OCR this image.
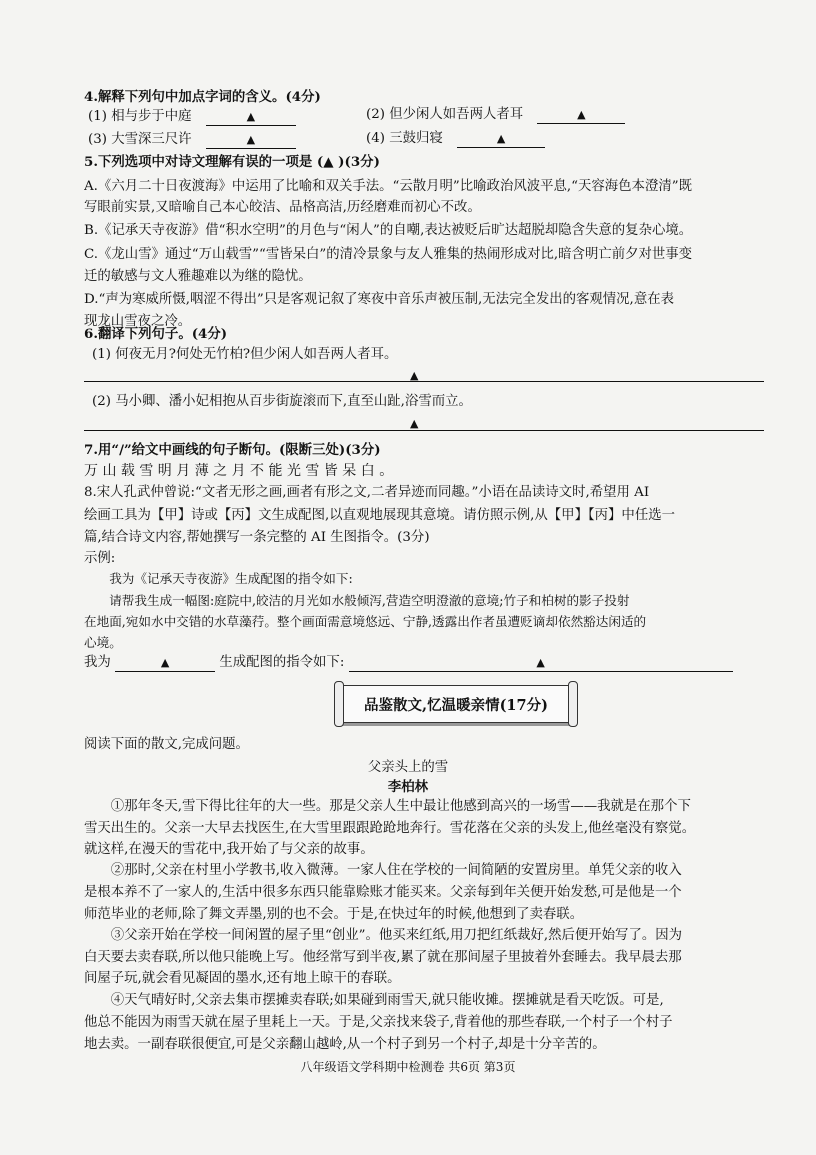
4.解释下列句中加点字词的含义。(4分)
(1) 相与步于中庭	▲	(2) 但少闲人如吾两人者耳	▲
(3) 大雪深三尺许	▲	(4) 三鼓归寝	▲
5.下列选项中对诗文理解有误的一项是 (▲ )(3分)
A.《六月二十日夜渡海》中运用了比喻和双关手法。“云散月明”比喻政治风波平息,“天容海色本澄清”既
写眼前实景,又暗喻自己本心皎洁、品格高洁,历经磨难而初心不改。
B.《记承天寺夜游》借“积水空明”的月色与“闲人”的自嘲,表达被贬后旷达超脱却隐含失意的复杂心境。
C.《龙山雪》通过“万山载雪”“雪皆呆白”的清冷景象与友人雅集的热闹形成对比,暗含明亡前夕对世事变
迁的敏感与文人雅趣难以为继的隐忧。
D.“声为寒威所慑,咽涩不得出”只是客观记叙了寒夜中音乐声被压制,无法完全发出的客观情况,意在表
现龙山雪夜之冷。
6.翻译下列句子。(4分)
(1) 何夜无月?何处无竹柏?但少闲人如吾两人者耳。
▲
(2) 马小卿、潘小妃相抱从百步街旋滚而下,直至山趾,浴雪而立。
▲
7.用“/”给文中画线的句子断句。(限断三处)(3分)
万 山 载 雪 明 月 薄 之 月 不 能 光 雪 皆 呆 白 。
8.宋人孔武仲曾说:“文者无形之画,画者有形之文,二者异迹而同趣。”小语在品读诗文时,希望用 AI
绘画工具为【甲】诗或【丙】文生成配图,以直观地展现其意境。请仿照示例,从【甲】【丙】中任选一
篇,结合诗文内容,帮她撰写一条完整的 AI 生图指令。(3分)
示例:
我为《记承天寺夜游》生成配图的指令如下:
请帮我生成一幅图:庭院中,皎洁的月光如水般倾泻,营造空明澄澈的意境;竹子和柏树的影子投射
在地面,宛如水中交错的水草藻荇。整个画面需意境悠远、宁静,透露出作者虽遭贬谪却依然豁达闲适的
心境。
我为	▲	生成配图的指令如下:	▲
品鉴散文,忆温暖亲情(17分)
阅读下面的散文,完成问题。
父亲头上的雪
李柏林
①那年冬天,雪下得比往年的大一些。那是父亲人生中最让他感到高兴的一场雪——我就是在那个下
雪天出生的。父亲一大早去找医生,在大雪里跟跟跄跄地奔行。雪花落在父亲的头发上,他丝毫没有察觉。
就这样,在漫天的雪花中,我开始了与父亲的故事。
②那时,父亲在村里小学教书,收入微薄。一家人住在学校的一间简陋的安置房里。单凭父亲的收入
是根本养不了一家人的,生活中很多东西只能靠赊账才能买来。父亲每到年关便开始发愁,可是他是一个
师范毕业的老师,除了舞文弄墨,别的也不会。于是,在快过年的时候,他想到了卖春联。
③父亲开始在学校一间闲置的屋子里“创业”。他买来红纸,用刀把红纸裁好,然后便开始写了。因为
白天要去卖春联,所以他只能晚上写。他经常写到半夜,累了就在那间屋子里披着外套睡去。我早晨去那
间屋子玩,就会看见凝固的墨水,还有地上晾干的春联。
④天气晴好时,父亲去集市摆摊卖春联;如果碰到雨雪天,就只能收摊。摆摊就是看天吃饭。可是,
他总不能因为雨雪天就在屋子里耗上一天。于是,父亲找来袋子,背着他的那些春联,一个村子一个村子
地去卖。一副春联很便宜,可是父亲翻山越岭,从一个村子到另一个村子,却是十分辛苦的。
八年级语文学科期中检测卷 共6页 第3页
